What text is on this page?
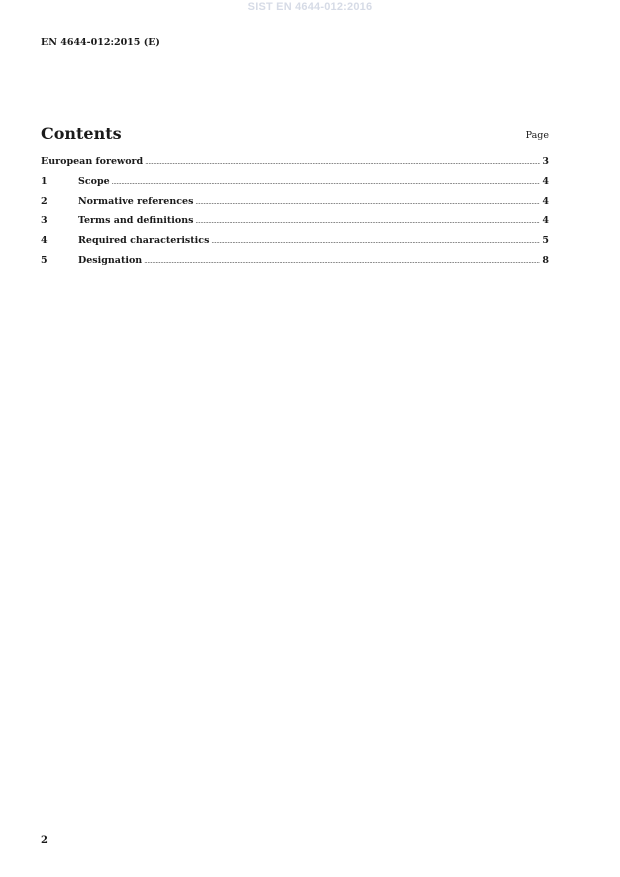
SIST EN 4644-012:2016
EN 4644-012:2015 (E)
Contents	Page
European foreword .....	3
1	Scope .....	4
2	Normative references .....	4
3	Terms and definitions .....	4
4	Required characteristics .....	5
5	Designation .....	8
2
